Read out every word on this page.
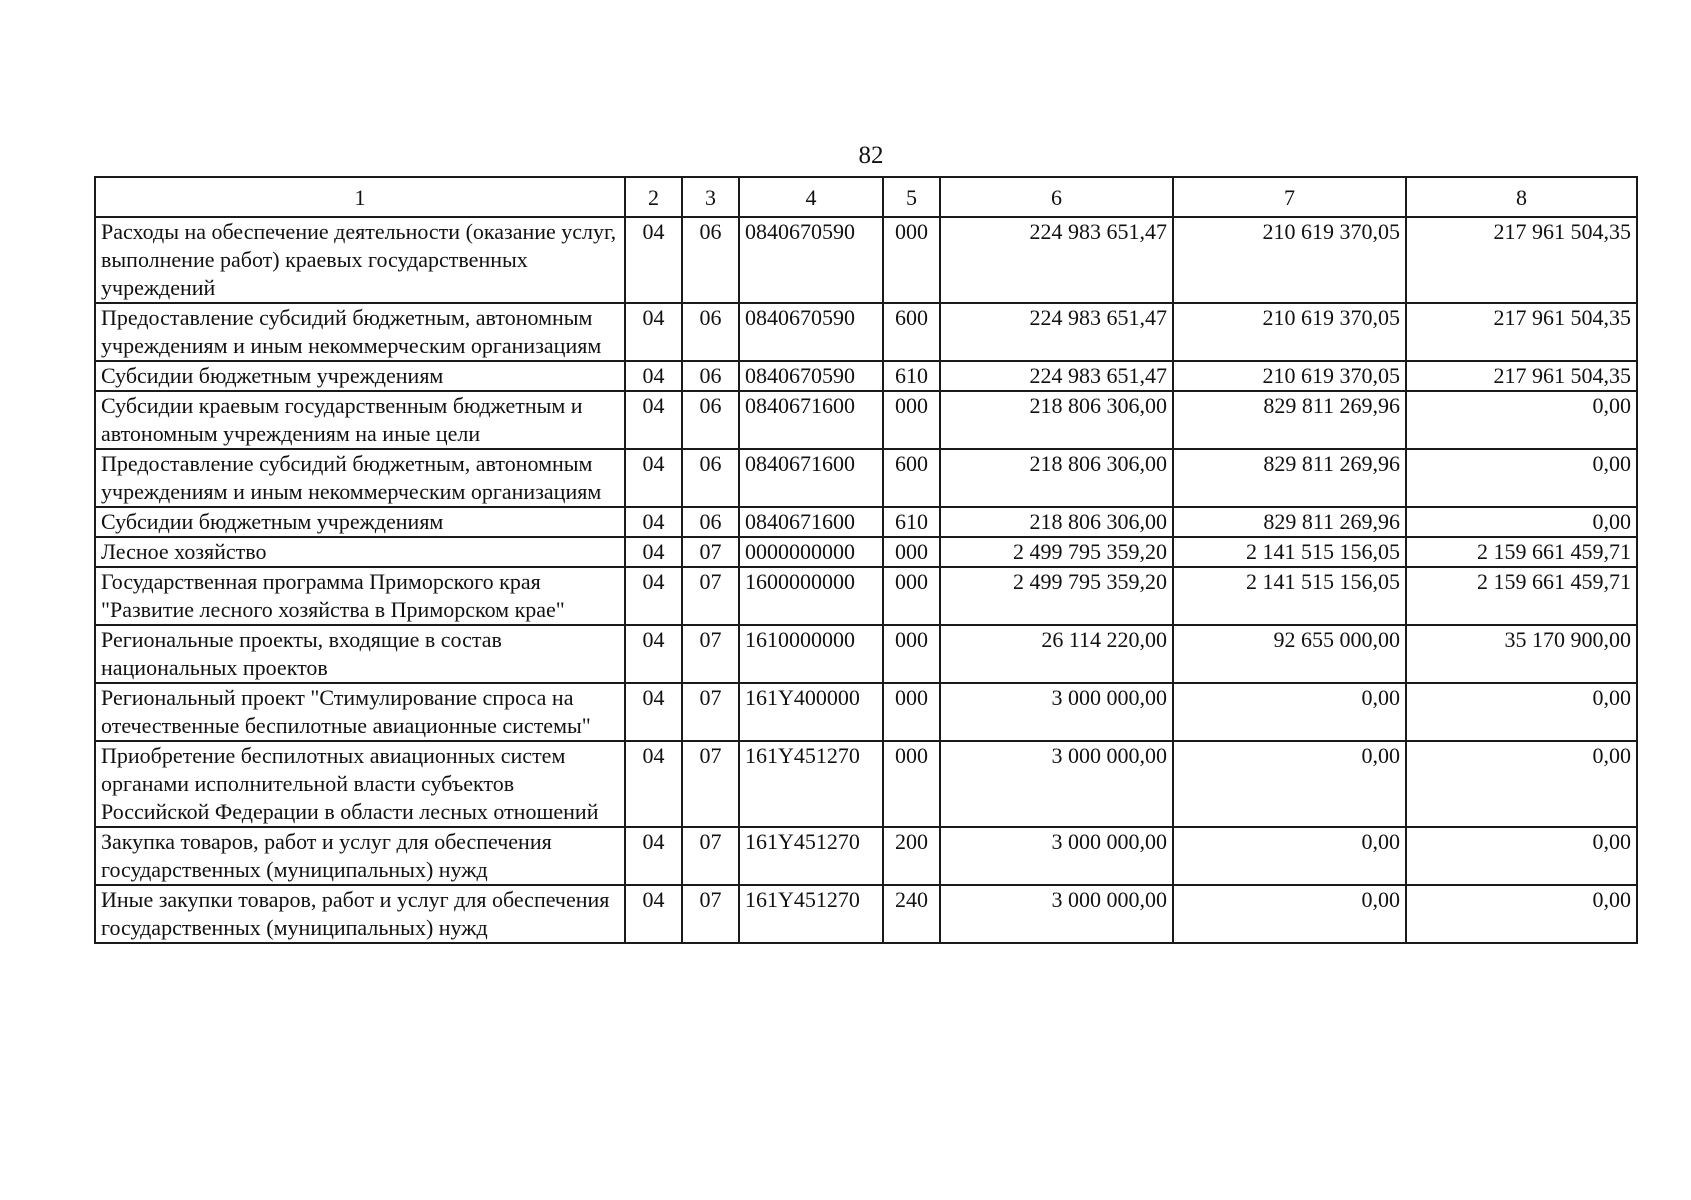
82
1	2	3	4	5	6	7	8
Расходы на обеспечение деятельности (оказание услуг, выполнение работ) краевых государственных учреждений	04	06	0840670590	000	224 983 651,47	210 619 370,05	217 961 504,35
Предоставление субсидий бюджетным, автономным учреждениям и иным некоммерческим организациям	04	06	0840670590	600	224 983 651,47	210 619 370,05	217 961 504,35
Субсидии бюджетным учреждениям	04	06	0840670590	610	224 983 651,47	210 619 370,05	217 961 504,35
Субсидии краевым государственным бюджетным и автономным учреждениям на иные цели	04	06	0840671600	000	218 806 306,00	829 811 269,96	0,00
Предоставление субсидий бюджетным, автономным учреждениям и иным некоммерческим организациям	04	06	0840671600	600	218 806 306,00	829 811 269,96	0,00
Субсидии бюджетным учреждениям	04	06	0840671600	610	218 806 306,00	829 811 269,96	0,00
Лесное хозяйство	04	07	0000000000	000	2 499 795 359,20	2 141 515 156,05	2 159 661 459,71
Государственная программа Приморского края "Развитие лесного хозяйства в Приморском крае"	04	07	1600000000	000	2 499 795 359,20	2 141 515 156,05	2 159 661 459,71
Региональные проекты, входящие в состав национальных проектов	04	07	1610000000	000	26 114 220,00	92 655 000,00	35 170 900,00
Региональный проект "Стимулирование спроса на отечественные беспилотные авиационные системы"	04	07	161Y400000	000	3 000 000,00	0,00	0,00
Приобретение беспилотных авиационных систем органами исполнительной власти субъектов Российской Федерации в области лесных отношений	04	07	161Y451270	000	3 000 000,00	0,00	0,00
Закупка товаров, работ и услуг для обеспечения государственных (муниципальных) нужд	04	07	161Y451270	200	3 000 000,00	0,00	0,00
Иные закупки товаров, работ и услуг для обеспечения государственных (муниципальных) нужд	04	07	161Y451270	240	3 000 000,00	0,00	0,00
